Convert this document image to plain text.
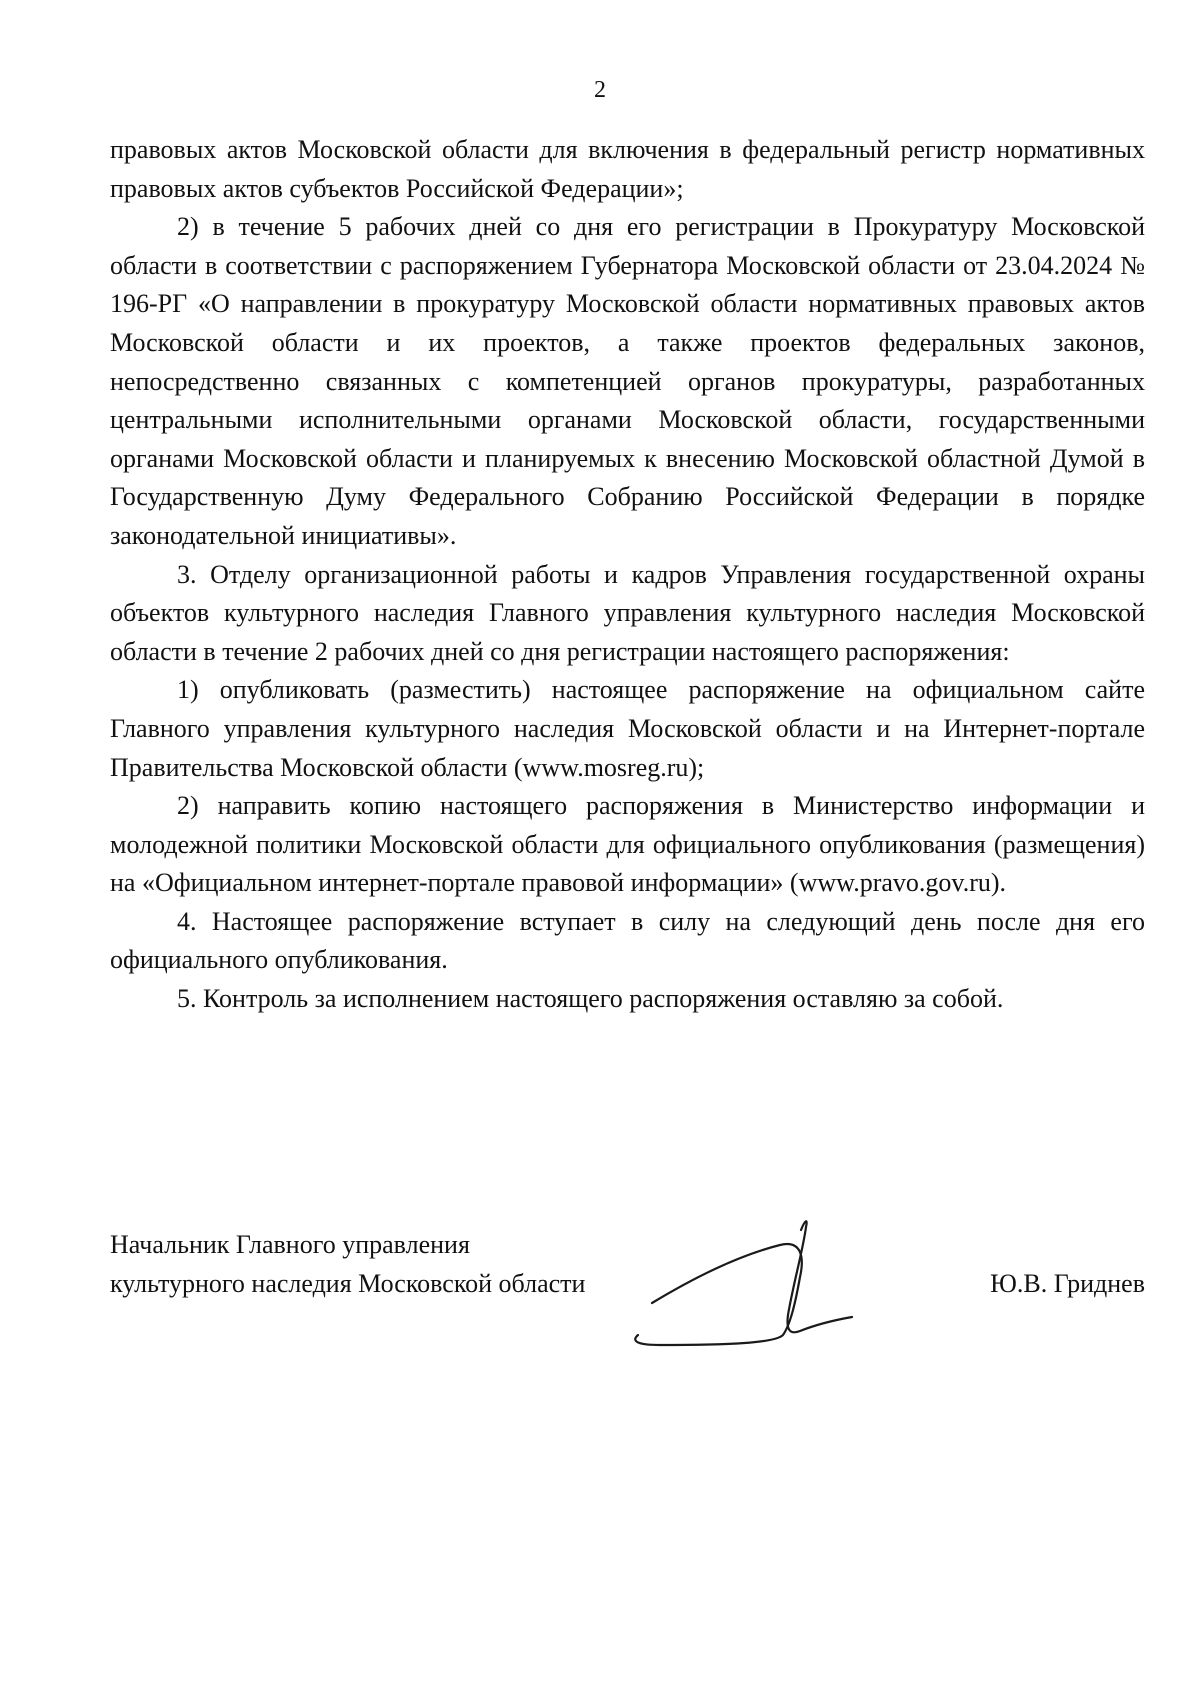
2

правовых актов Московской области для включения в федеральный регистр нормативных правовых актов субъектов Российской Федерации»;

2) в течение 5 рабочих дней со дня его регистрации в Прокуратуру Московской области в соответствии с распоряжением Губернатора Московской области от 23.04.2024 № 196-РГ «О направлении в прокуратуру Московской области нормативных правовых актов Московской области и их проектов, а также проектов федеральных законов, непосредственно связанных с компетенцией органов прокуратуры, разработанных центральными исполнительными органами Московской области, государственными органами Московской области и планируемых к внесению Московской областной Думой в Государственную Думу Федерального Собранию Российской Федерации в порядке законодательной инициативы».

3. Отделу организационной работы и кадров Управления государственной охраны объектов культурного наследия Главного управления культурного наследия Московской области в течение 2 рабочих дней со дня регистрации настоящего распоряжения:

1) опубликовать (разместить) настоящее распоряжение на официальном сайте Главного управления культурного наследия Московской области и на Интернет-портале Правительства Московской области (www.mosreg.ru);

2) направить копию настоящего распоряжения в Министерство информации и молодежной политики Московской области для официального опубликования (размещения) на «Официальном интернет-портале правовой информации» (www.pravo.gov.ru).

4. Настоящее распоряжение вступает в силу на следующий день после дня его официального опубликования.

5. Контроль за исполнением настоящего распоряжения оставляю за собой.

Начальник Главного управления
культурного наследия Московской области	Ю.В. Гриднев
